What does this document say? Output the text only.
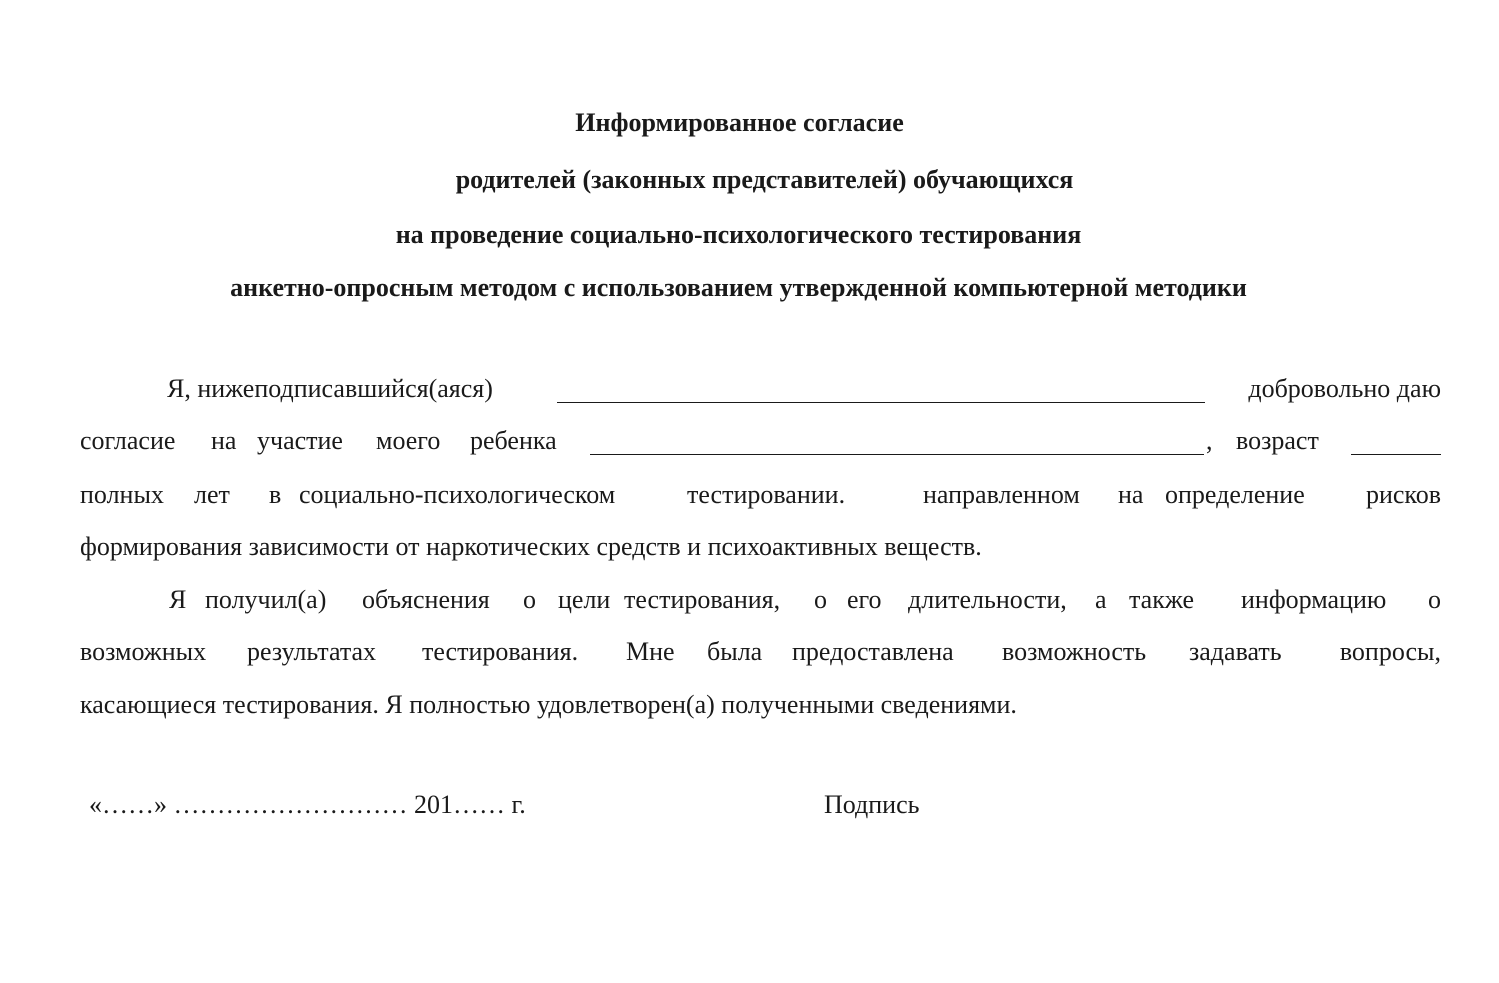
Информированное согласие
родителей (законных представителей) обучающихся
на проведение социально-психологического тестирования
анкетно-опросным методом с использованием утвержденной компьютерной методики
Я, нижеподписавшийся(аяся)	добровольно даю
согласие на участие моего ребенка	, возраст
полных лет в социально-психологическом	тестировании.	направленном на определение рисков
формирования зависимости от наркотических средств и психоактивных веществ.
Я получил(а) объяснения о цели тестирования, о его длительности, а также информацию о
возможных результатах тестирования. Мне была предоставлена возможность задавать вопросы,
касающиеся тестирования. Я полностью удовлетворен(а) полученными сведениями.
«……» ……………………… 201…… г.	Подпись
